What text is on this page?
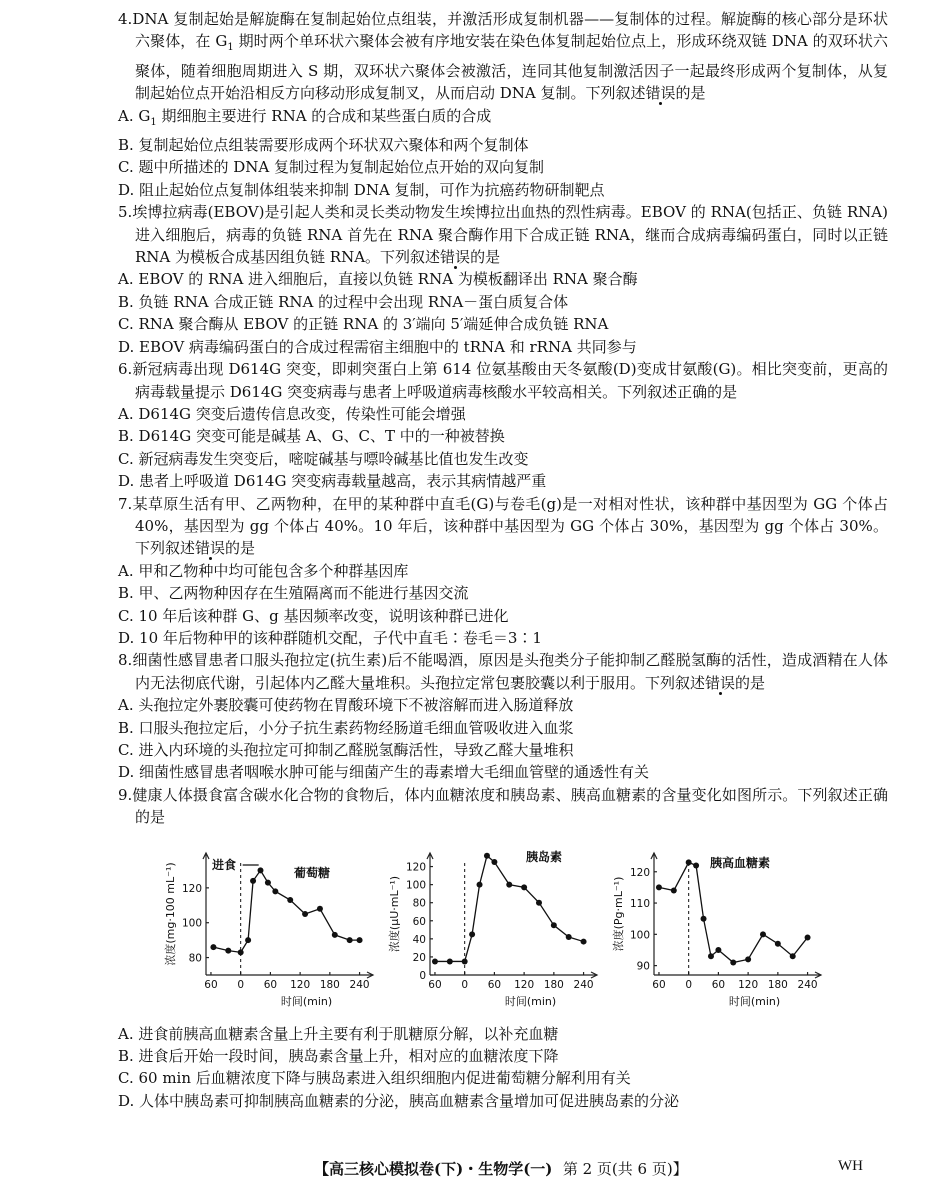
4.DNA 复制起始是解旋酶在复制起始位点组装，并激活形成复制机器——复制体的过程。解旋酶的核心部分是环状六聚体，在 $G_1$ 期时两个单环状六聚体会被有序地安装在染色体复制起始位点上，形成环绕双链 DNA 的双环状六聚体，随着细胞周期进入 S 期，双环状六聚体会被激活，连同其他复制激活因子一起最终形成两个复制体，从复制起始位点开始沿相反方向移动形成复制叉，从而启动 DNA 复制。下列叙述错误的是

A. $G_1$ 期细胞主要进行 RNA 的合成和某些蛋白质的合成

B. 复制起始位点组装需要形成两个环状双六聚体和两个复制体

C. 题中所描述的 DNA 复制过程为复制起始位点开始的双向复制

D. 阻止起始位点复制体组装来抑制 DNA 复制，可作为抗癌药物研制靶点

5.埃博拉病毒(EBOV)是引起人类和灵长类动物发生埃博拉出血热的烈性病毒。EBOV 的 RNA(包括正、负链 RNA)进入细胞后，病毒的负链 RNA 首先在 RNA 聚合酶作用下合成正链 RNA，继而合成病毒编码蛋白，同时以正链 RNA 为模板合成基因组负链 RNA。下列叙述错误的是

A. EBOV 的 RNA 进入细胞后，直接以负链 RNA 为模板翻译出 RNA 聚合酶

B. 负链 RNA 合成正链 RNA 的过程中会出现 RNA－蛋白质复合体

C. RNA 聚合酶从 EBOV 的正链 RNA 的 3′端向 5′端延伸合成负链 RNA

D. EBOV 病毒编码蛋白的合成过程需宿主细胞中的 tRNA 和 rRNA 共同参与

6.新冠病毒出现 D614G 突变，即刺突蛋白上第 614 位氨基酸由天冬氨酸(D)变成甘氨酸(G)。相比突变前，更高的病毒载量提示 D614G 突变病毒与患者上呼吸道病毒核酸水平较高相关。下列叙述正确的是

A. D614G 突变后遗传信息改变，传染性可能会增强

B. D614G 突变可能是碱基 A、G、C、T 中的一种被替换

C. 新冠病毒发生突变后，嘧啶碱基与嘌呤碱基比值也发生改变

D. 患者上呼吸道 D614G 突变病毒载量越高，表示其病情越严重

7.某草原生活有甲、乙两物种，在甲的某种群中直毛(G)与卷毛(g)是一对相对性状，该种群中基因型为 GG 个体占 40%，基因型为 gg 个体占 40%。10 年后，该种群中基因型为 GG 个体占 30%，基因型为 gg 个体占 30%。下列叙述错误的是

A. 甲和乙物种中均可能包含多个种群基因库

B. 甲、乙两物种因存在生殖隔离而不能进行基因交流

C. 10 年后该种群 G、g 基因频率改变，说明该种群已进化

D. 10 年后物种甲的该种群随机交配，子代中直毛∶卷毛＝3∶1

8.细菌性感冒患者口服头孢拉定(抗生素)后不能喝酒，原因是头孢类分子能抑制乙醛脱氢酶的活性，造成酒精在人体内无法彻底代谢，引起体内乙醛大量堆积。头孢拉定常包裹胶囊以利于服用。下列叙述错误的是

A. 头孢拉定外裹胶囊可使药物在胃酸环境下不被溶解而进入肠道释放

B. 口服头孢拉定后，小分子抗生素药物经肠道毛细血管吸收进入血浆

C. 进入内环境的头孢拉定可抑制乙醛脱氢酶活性，导致乙醛大量堆积

D. 细菌性感冒患者咽喉水肿可能与细菌产生的毒素增大毛细血管壁的通透性有关

9.健康人体摄食富含碳水化合物的食物后，体内血糖浓度和胰岛素、胰高血糖素的含量变化如图所示。下列叙述正确的是

60 0 60 120 180 240
80
100
120
葡萄糖
时间(min)
浓度(mg·100 mL⁻¹)	进食
60 0 60 120 180 240
0
20
40
60
80
100
120
胰岛素
时间(min)
浓度(μU·mL⁻¹)
60 0 60 120 180 240
90
100
110
120
胰高血糖素
时间(min)
浓度(Pg·mL⁻¹)

A. 进食前胰高血糖素含量上升主要有利于肌糖原分解，以补充血糖

B. 进食后开始一段时间，胰岛素含量上升，相对应的血糖浓度下降

C. 60 min 后血糖浓度下降与胰岛素进入组织细胞内促进葡萄糖分解利用有关

D. 人体中胰岛素可抑制胰高血糖素的分泌，胰高血糖素含量增加可促进胰岛素的分泌

【高三核心模拟卷(下)・生物学(一) 第 2 页(共 6 页)】	WH
